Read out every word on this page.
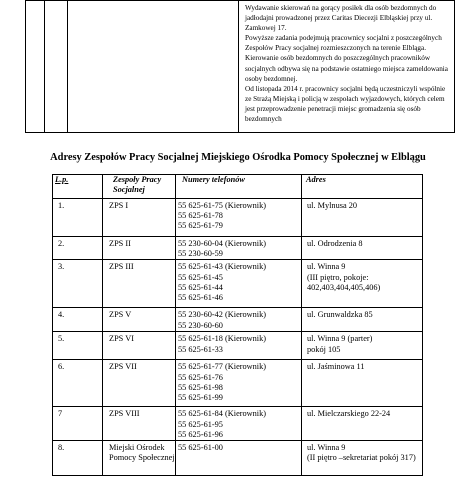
Wydawanie skierowań na gorący posiłek dla osób bezdomnych do jadłodajni prowadzonej przez Caritas Diecezji Elbląskiej przy ul. Zamkowej 17.

Powyższe zadania podejmują pracownicy socjalni z poszczególnych Zespołów Pracy socjalnej rozmieszczonych na terenie Elbląga.

Kierowanie osób bezdomnych do poszczególnych pracowników socjalnych odbywa się na podstawie ostatniego miejsca zameldowania osoby bezdomnej.

Od listopada 2014 r. pracownicy socjalni będą uczestniczyli wspólnie ze Strażą Miejską i policją w zespołach wyjazdowych, których celem jest przeprowadzenie penetracji miejsc gromadzenia się osób bezdomnych

Adresy Zespołów Pracy Socjalnej Miejskiego Ośrodka Pomocy Społecznej w Elblągu
L.p.	Zespoły Pracy
Socjalnej	Numery telefonów	Adres
1.	ZPS I	55 625-61-75 (Kierownik)
55 625-61-78
55 625-61-79	ul. Mylnusa 20

2.	ZPS II	55 230-60-04 (Kierownik)
55 230-60-59	ul. Odrodzenia 8

3.	ZPS III	55 625-61-43 (Kierownik)
55 625-61-45
55 625-61-44
55 625-61-46	ul. Winna 9
(III piętro, pokoje:
402,403,404,405,406)

4.	ZPS V	55 230-60-42 (Kierownik)
55 230-60-60	ul. Grunwaldzka 85

5.	ZPS VI	55 625-61-18 (Kierownik)
55 625-61-33	ul. Winna 9 (parter)
pokój 105

6.	ZPS VII	55 625-61-77 (Kierownik)
55 625-61-76
55 625-61-98
55 625-61-99	ul. Jaśminowa 11

7	ZPS VIII	55 625-61-84 (Kierownik)
55 625-61-95
55 625-61-96	ul. Mielczarskiego 22-24

8.	Miejski Ośrodek
Pomocy Społecznej	55 625-61-00	ul. Winna 9
(II piętro –sekretariat pokój 317)
